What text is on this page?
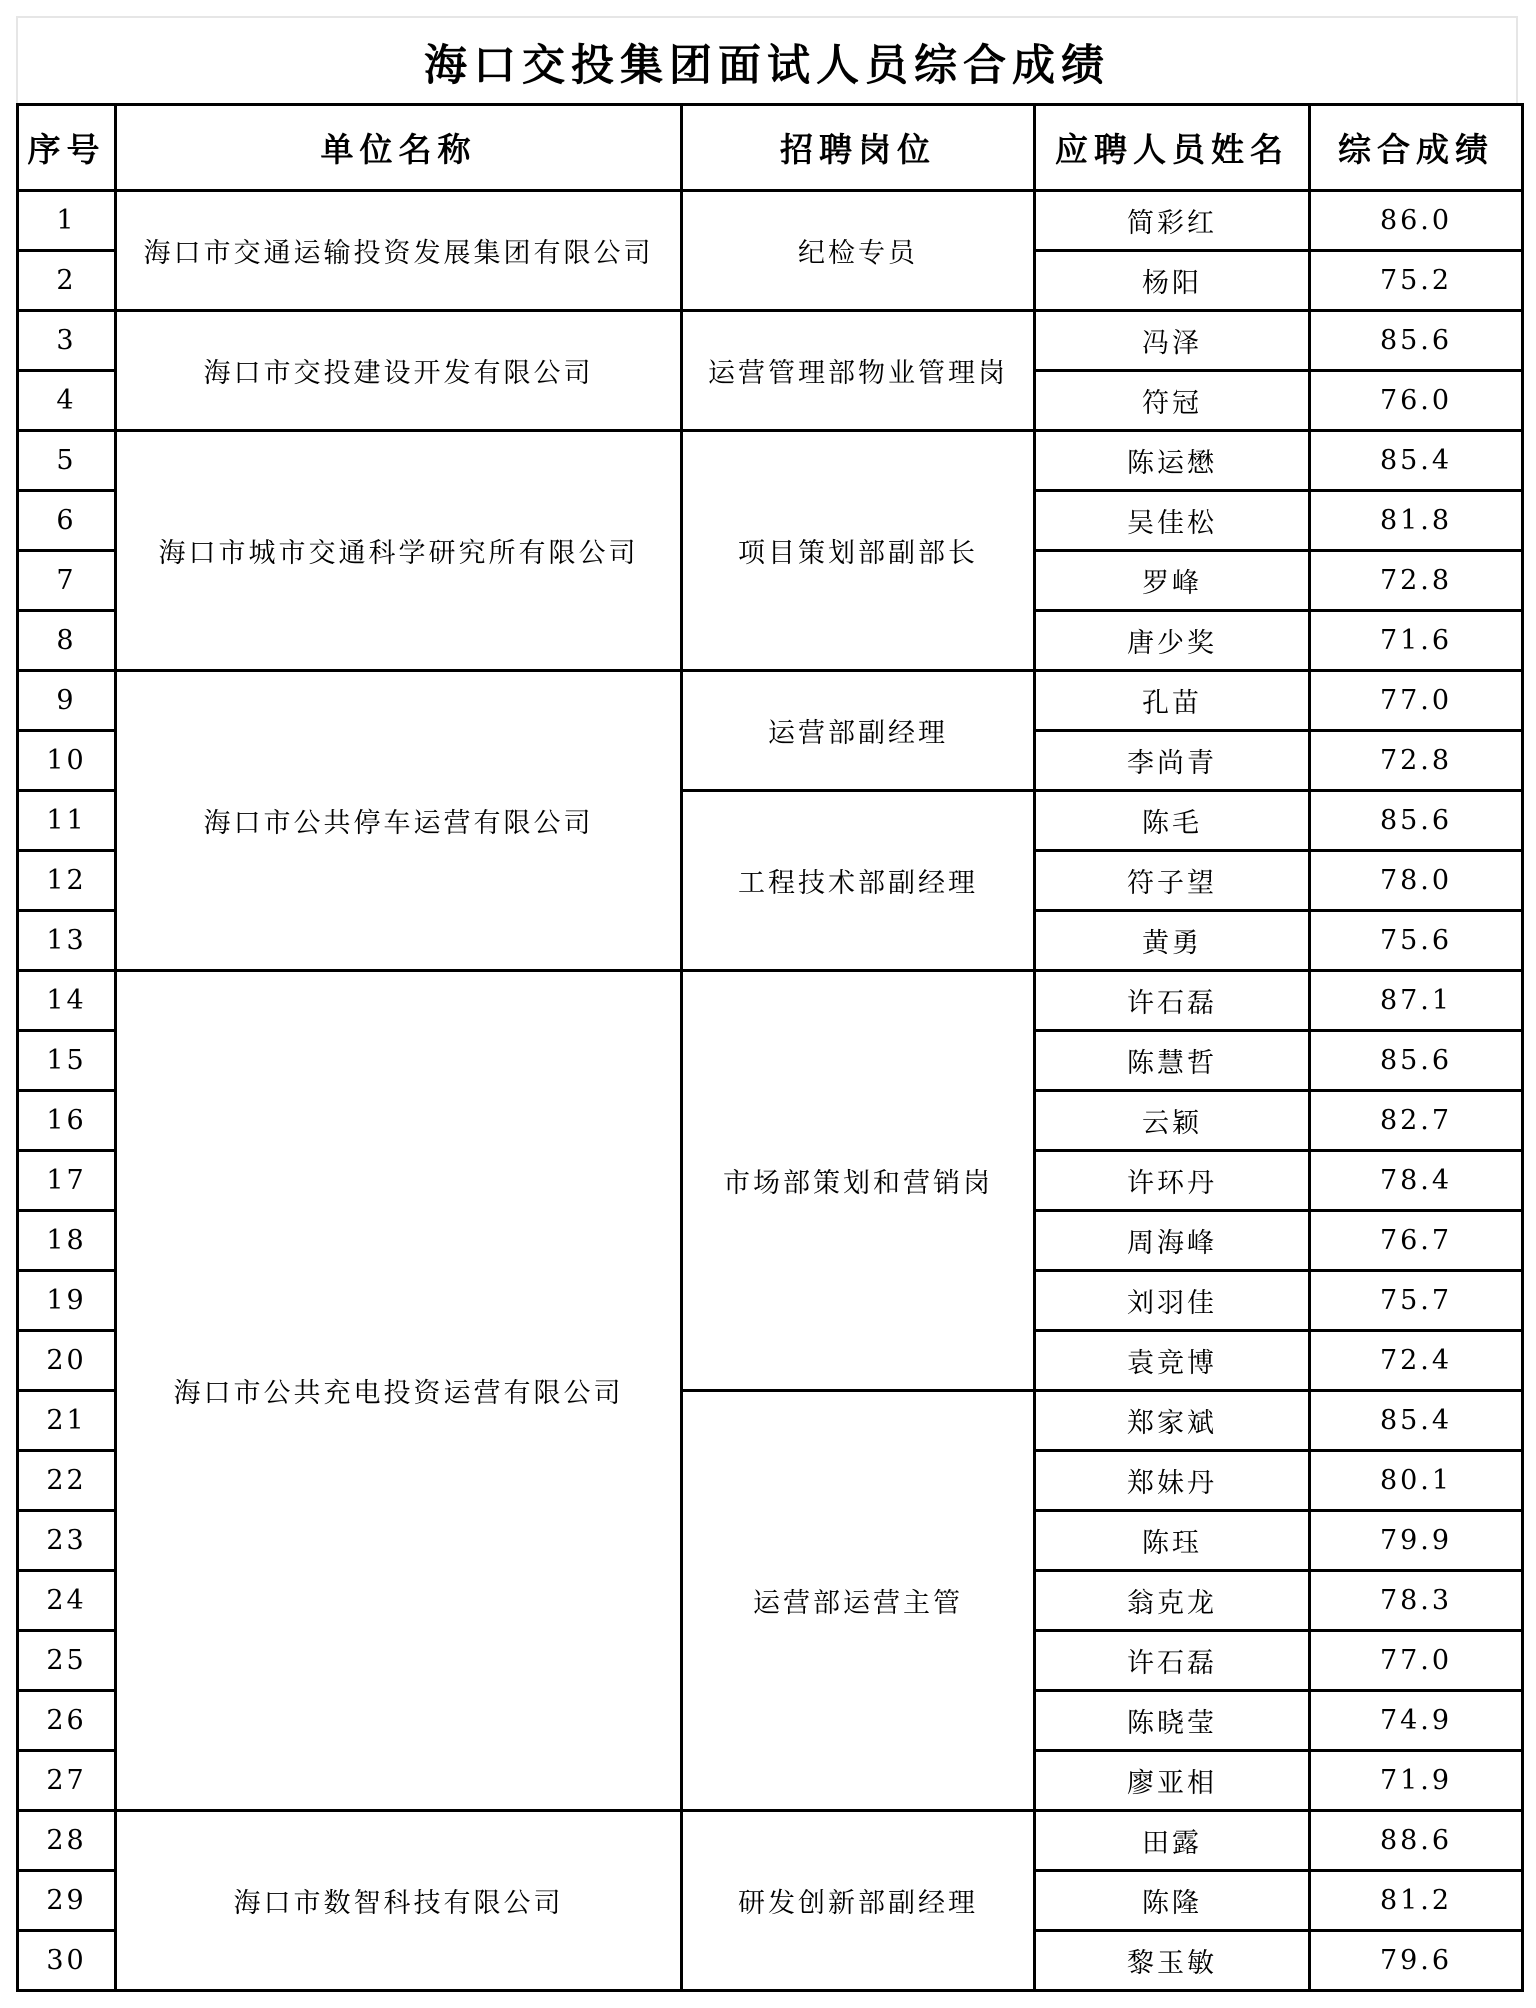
海口交投集团面试人员综合成绩
序号	单位名称	招聘岗位	应聘人员姓名	综合成绩
1	海口市交通运输投资发展集团有限公司	纪检专员	简彩红	86.0
2			杨阳	75.2
3	海口市交投建设开发有限公司	运营管理部物业管理岗	冯泽	85.6
4			符冠	76.0
5	海口市城市交通科学研究所有限公司	项目策划部副部长	陈运懋	85.4
6			吴佳松	81.8
7			罗峰	72.8
8			唐少奖	71.6
9	海口市公共停车运营有限公司	运营部副经理	孔苗	77.0
10			李尚青	72.8
11		工程技术部副经理	陈毛	85.6
12			符子望	78.0
13			黄勇	75.6
14	海口市公共充电投资运营有限公司	市场部策划和营销岗	许石磊	87.1
15			陈慧哲	85.6
16			云颖	82.7
17			许环丹	78.4
18			周海峰	76.7
19			刘羽佳	75.7
20			袁竞博	72.4
21		运营部运营主管	郑家斌	85.4
22			郑妹丹	80.1
23			陈珏	79.9
24			翁克龙	78.3
25			许石磊	77.0
26			陈晓莹	74.9
27			廖亚相	71.9
28	海口市数智科技有限公司	研发创新部副经理	田露	88.6
29			陈隆	81.2
30			黎玉敏	79.6
